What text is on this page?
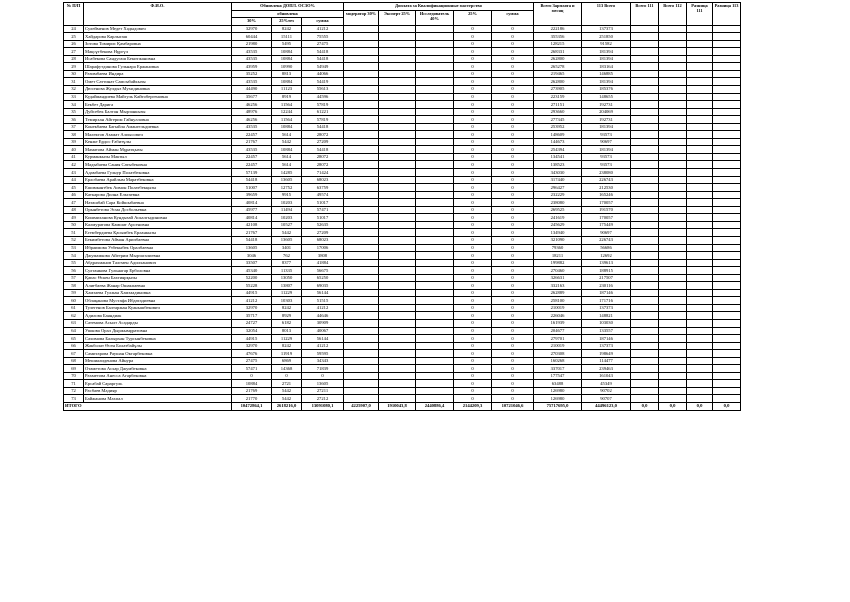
№ П/П	Ф.И.О.	Обновлена ДОПЛ. ОСЗО%			Доплата за Квалификационные мастерство					Всего Зарплата и месяц	113 Всего	Всего 111	Всего 112	Разница 111	Разница 113
		обновлена			модератор 30%	Эксперт 25%	Исследователь 40%	25%	сумма						
		30%	25%тез	сумма											
24	Сулейменов Медет Хадыдович	32970	8242	41212				0	0	222186	137373				
25	Хайдарова Карлыгаш	60444	15111	75555				0	0	355356	251850				
26	Зотова Томирис Қамбаровна	21980	5495	27475				0	0	128215	91582				
27	Мақсұтбекова Нұргүл	43535	10884	54418				0	0	268331	181394				
28	Исабекова Сандугаш Бекитжановна	43535	10884	54418				0	0	262800	181394				
29	Шарафутдинова Гульнара Ержановна	43959	10990	54949				0	0	265278	183164				
30	Разимбаева Индира	35252	8813	44066				0	0	219465	146885				
31	Омет Саттинат Самсыбайкызы	43535	10884	54419				0	0	262800	181394				
32	Дюсенова Жулдыз Мухидиновна	44490	11123	55613				0	0	273905	185376				
33	Кудаймандиева Майгуль Кайтобергеновна	35677	8919	44596				0	0	223159	148655				
34	Бекбет Дарига	46256	11564	57819				0	0	271151	192731				
35	Дуйсебек Балтан Мырзанкызы	48976	12244	61221				0	0	293660	204069				
36	Темирхан Айгерим Гайнулловна	46256	11564	57819				0	0	277345	192731				
37	Конекбаева Багыйла Амангельдиевна	43535	10884	54418				0	0	253952	181394				
38	Малектов Азамат Алпысович	22457	5614	28072				0	0	148609	93573				
39	Кенже Ердос Ғабитұлы	21767	5442	27209				0	0	144673	90697				
40	Маматова Айман Мұратқызы	43535	10884	54418				0	0	254394	181394				
41	Курманкызы Мактыл	22457	5614	28072				0	0	134541	93573				
42	Мадыбаева Сания Сатыбековна	22457	5614	28072				0	0	138523	93573				
43	Адамбаева Гулнур Полатбековна	57139	14285	71424				0	0	343030	238080				
44	Ерлобаева Арайлым Маратбековна	54418	13605	68023				0	0	317440	226743				
45	Ешимкантбек Аимон Полатбекқызы	51007	12752	63759				0	0	296427	212530				
46	Каткарова Дилна Ельтаевна	39659	9915	49574				0	0	232229	165246				
47	Наташбай Сара Койшыбаевна	40814	10203	51017				0	0	238080	170057				
48	Орынбетова Эсма Досбольевна	45977	11494	57471				0	0	269525	191570				
49	Кишмиханова Кундызай Аскалгыдиновна	40814	10203	51017				0	0	241619	170057				
50	Калмуратова Камшат Арсеновна	42108	10527	52635				0	0	245629	175449				
51	Егембердиева Қасымбек Ерланкызы	21767	5442	27209				0	0	134940	90697				
52	Бекимбетова Айман Арипбаевна	54418	13605	68023				0	0	321090	226743				
53	Ибраимова Узбекыбек Оралбаевна	13605	3401	17006				0	0	79360	56686				
54	Джумамкова Айгерим Мырзагалиевна	3046	762	3808				0	0	18211	12692				
55	Абдрахманов Талгмен Адилханович	33507	8377	41884				0	0	199882	139613				
56	Султанкова Гульнагар Ерболовна	45340	11335	56675				0	0	270460	188915				
57	Қапас Өскен Бахтиярқызы	52200	13050	65250				0	0	326631	217507				
58	Алиғбаева Жанар Ошакпаевна	55228	13807	69035				0	0	332163	230116				
59	Хамзаева Гулжан Хамзаадиновна	44915	11229	56144				0	0	262889	187146				
60	Облақанова Мустафа Ибдатадиевна	41212	10303	51515				0	0	258100	171716				
61	Тулегенов Балтаржан Куанышбекович	32970	8242	41212				0	0	210019	137373				
62	Адилова Баяндиак	35717	8929	44646				0	0	226046	148821				
63	Сатемова Асылт Асадарды	24727	6182	30909				0	0	161939	103030				
64	Ушкова Орал Дыржымұратовна	32054	8013	40067				0	0	204677	133557				
65	Сахимова Балырхан Турсынбековна	44915	11229	56144				0	0	279701	187146				
66	Жакболат Өсен Болатбайұлы	32970	8242	41212				0	0	210019	137373				
67	Самитарова Раушан Октарбековна	47676	11919	59595				0	0	270308	198649				
68	Мешиалиденова Айнура	27475	6869	34343				0	0	160268	114477				
69	Отаметова Асхар Джумбековна	57471	14368	71839				0	0	337017	239463				
70	Рахметова Анесса Агарбековна	0	0	0				0	0	177547	161043				
71	Ерсабай Сараргуль	10884	2721	13605				0	0	63488	45349				
72	Расбаев Мадияр	21769	5442	27211				0	0	126980	90702				
73	Байжанова Махпал	21770	5442	27212				0	0	126980	90707				
ИТОГО		10472864,1	2618216,0	13091080,1	4225907,0	1910043,8	2440886,4	2144209,3	10721046,6	75717695,0	44496123,0	0,0	0,0	0,0	0,0
